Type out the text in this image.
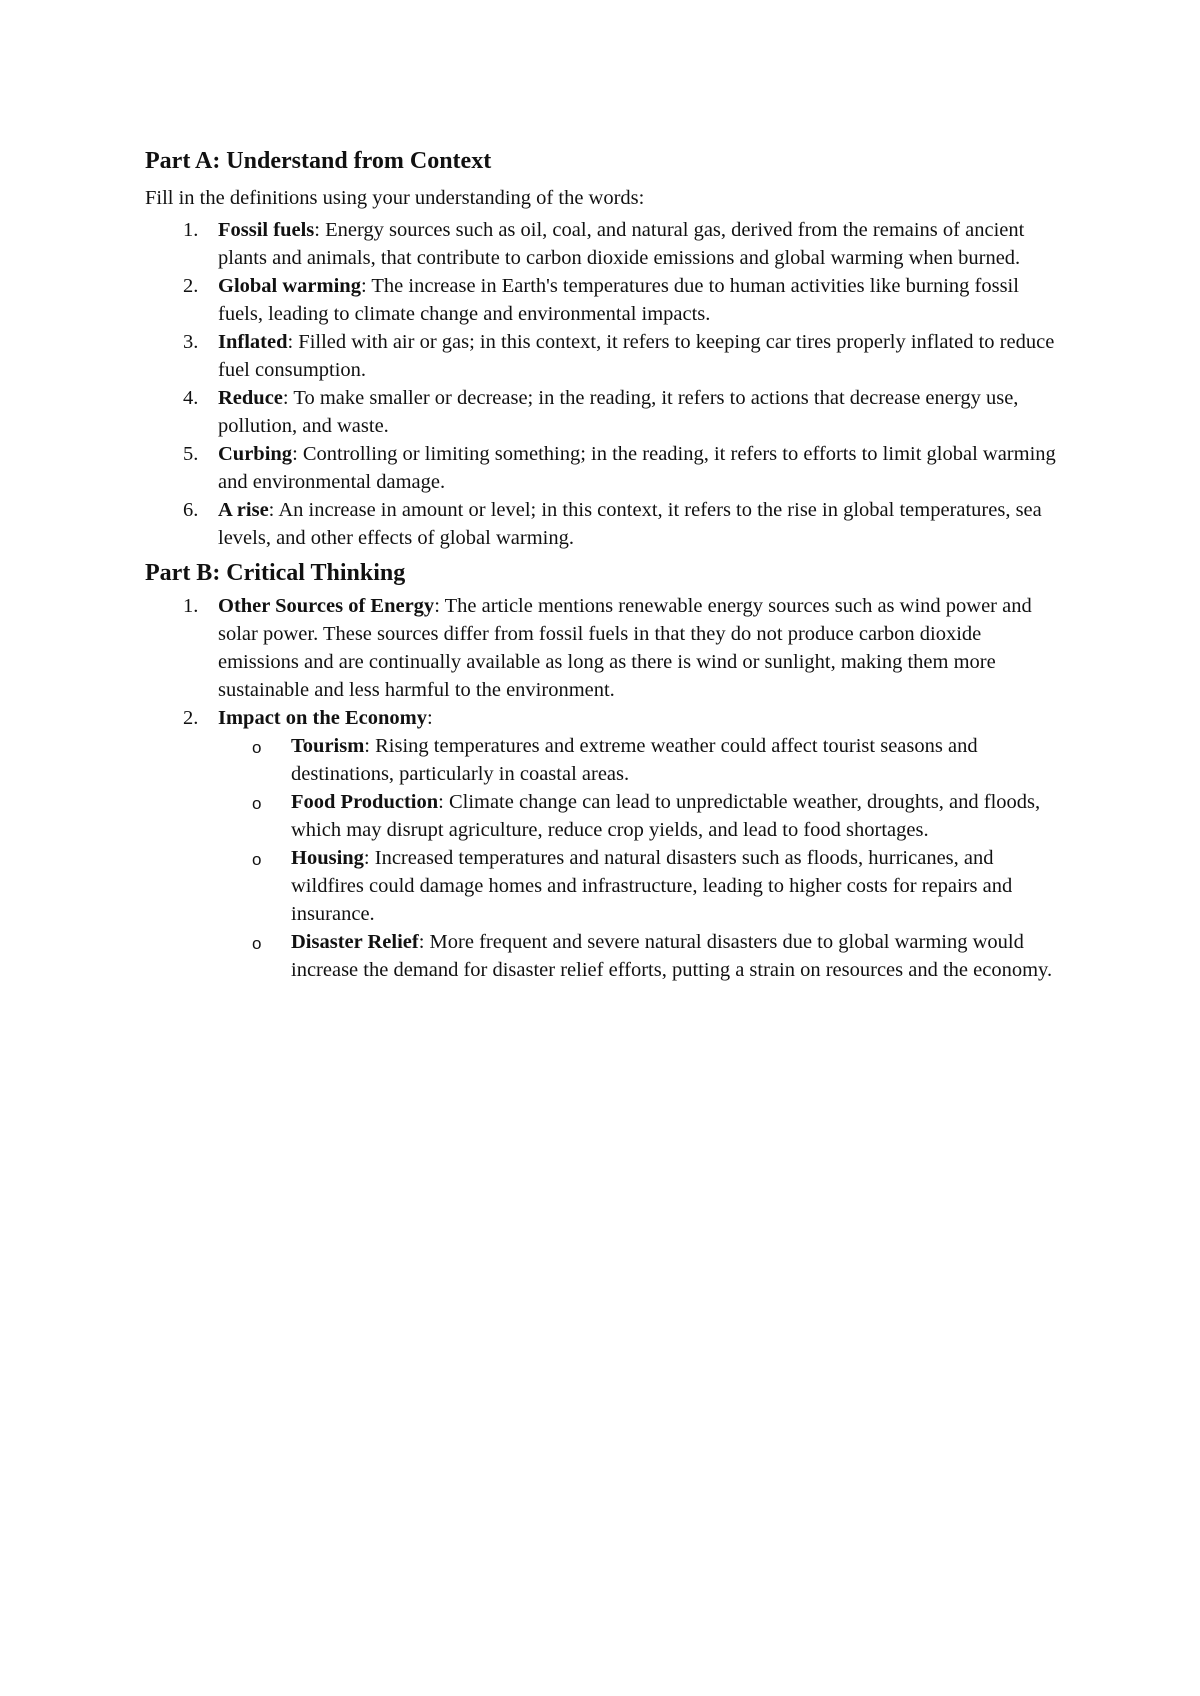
Part A: Understand from Context

Fill in the definitions using your understanding of the words:

1. Fossil fuels: Energy sources such as oil, coal, and natural gas, derived from the remains of ancient plants and animals, that contribute to carbon dioxide emissions and global warming when burned.
2. Global warming: The increase in Earth's temperatures due to human activities like burning fossil fuels, leading to climate change and environmental impacts.
3. Inflated: Filled with air or gas; in this context, it refers to keeping car tires properly inflated to reduce fuel consumption.
4. Reduce: To make smaller or decrease; in the reading, it refers to actions that decrease energy use, pollution, and waste.
5. Curbing: Controlling or limiting something; in the reading, it refers to efforts to limit global warming and environmental damage.
6. A rise: An increase in amount or level; in this context, it refers to the rise in global temperatures, sea levels, and other effects of global warming.
Part B: Critical Thinking
1. Other Sources of Energy: The article mentions renewable energy sources such as wind power and solar power. These sources differ from fossil fuels in that they do not produce carbon dioxide emissions and are continually available as long as there is wind or sunlight, making them more sustainable and less harmful to the environment.
2. Impact on the Economy:
o Tourism: Rising temperatures and extreme weather could affect tourist seasons and destinations, particularly in coastal areas.
o Food Production: Climate change can lead to unpredictable weather, droughts, and floods, which may disrupt agriculture, reduce crop yields, and lead to food shortages.
o Housing: Increased temperatures and natural disasters such as floods, hurricanes, and wildfires could damage homes and infrastructure, leading to higher costs for repairs and insurance.
o Disaster Relief: More frequent and severe natural disasters due to global warming would increase the demand for disaster relief efforts, putting a strain on resources and the economy.
